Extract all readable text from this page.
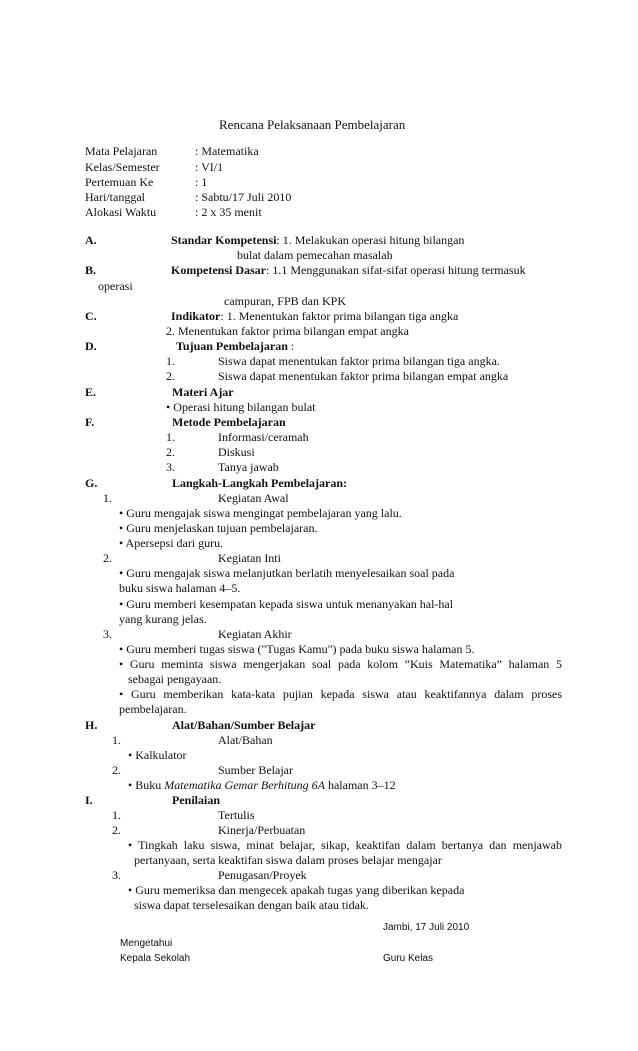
Rencana Pelaksanaan Pembelajaran
Mata Pelajaran	: Matematika
Kelas/Semester	: VI/1
Pertemuan Ke	: 1
Hari/tanggal	: Sabtu/17 Juli 2010
Alokasi Waktu	: 2 x 35 menit
A.	Standar Kompetensi: 1. Melakukan operasi hitung bilangan
bulat dalam pemecahan masalah
B.	Kompetensi Dasar: 1.1 Menggunakan sifat-sifat operasi hitung termasuk
operasi
campuran, FPB dan KPK
C.	Indikator: 1. Menentukan faktor prima bilangan tiga angka
2. Menentukan faktor prima bilangan empat angka
D.	Tujuan Pembelajaran :
1.	Siswa dapat menentukan faktor prima bilangan tiga angka.
2.	Siswa dapat menentukan faktor prima bilangan empat angka
E.	Materi Ajar
• Operasi hitung bilangan bulat
F.	Metode Pembelajaran
1.	Informasi/ceramah
2.	Diskusi
3.	Tanya jawab
G.	Langkah-Langkah Pembelajaran:
1.	Kegiatan Awal
• Guru mengajak siswa mengingat pembelajaran yang lalu.
• Guru menjelaskan tujuan pembelajaran.
• Apersepsi dari guru.
2.	Kegiatan Inti
• Guru mengajak siswa melanjutkan berlatih menyelesaikan soal pada
buku siswa halaman 4–5.
• Guru memberi kesempatan kepada siswa untuk menanyakan hal-hal
yang kurang jelas.
3.	Kegiatan Akhir
• Guru memberi tugas siswa ("Tugas Kamu") pada buku siswa halaman 5.
• Guru meminta siswa mengerjakan soal pada kolom ”Kuis Matematika” halaman 5
sebagai pengayaan.
• Guru memberikan kata-kata pujian kepada siswa atau keaktifannya dalam proses
pembelajaran.
H.	Alat/Bahan/Sumber Belajar
1.	Alat/Bahan
• Kalkulator
2.	Sumber Belajar
• Buku Matematika Gemar Berhitung 6A halaman 3–12
I.	Penilaian
1.	Tertulis
2.	Kinerja/Perbuatan
• Tingkah laku siswa, minat belajar, sikap, keaktifan dalam bertanya dan menjawab
pertanyaan, serta keaktifan siswa dalam proses belajar mengajar
3.	Penugasan/Proyek
• Guru memeriksa dan mengecek apakah tugas yang diberikan kepada
siswa dapat terselesaikan dengan baik atau tidak.
Jambi, 17 Juli 2010
Mengetahui
Kepala Sekolah	Guru Kelas
